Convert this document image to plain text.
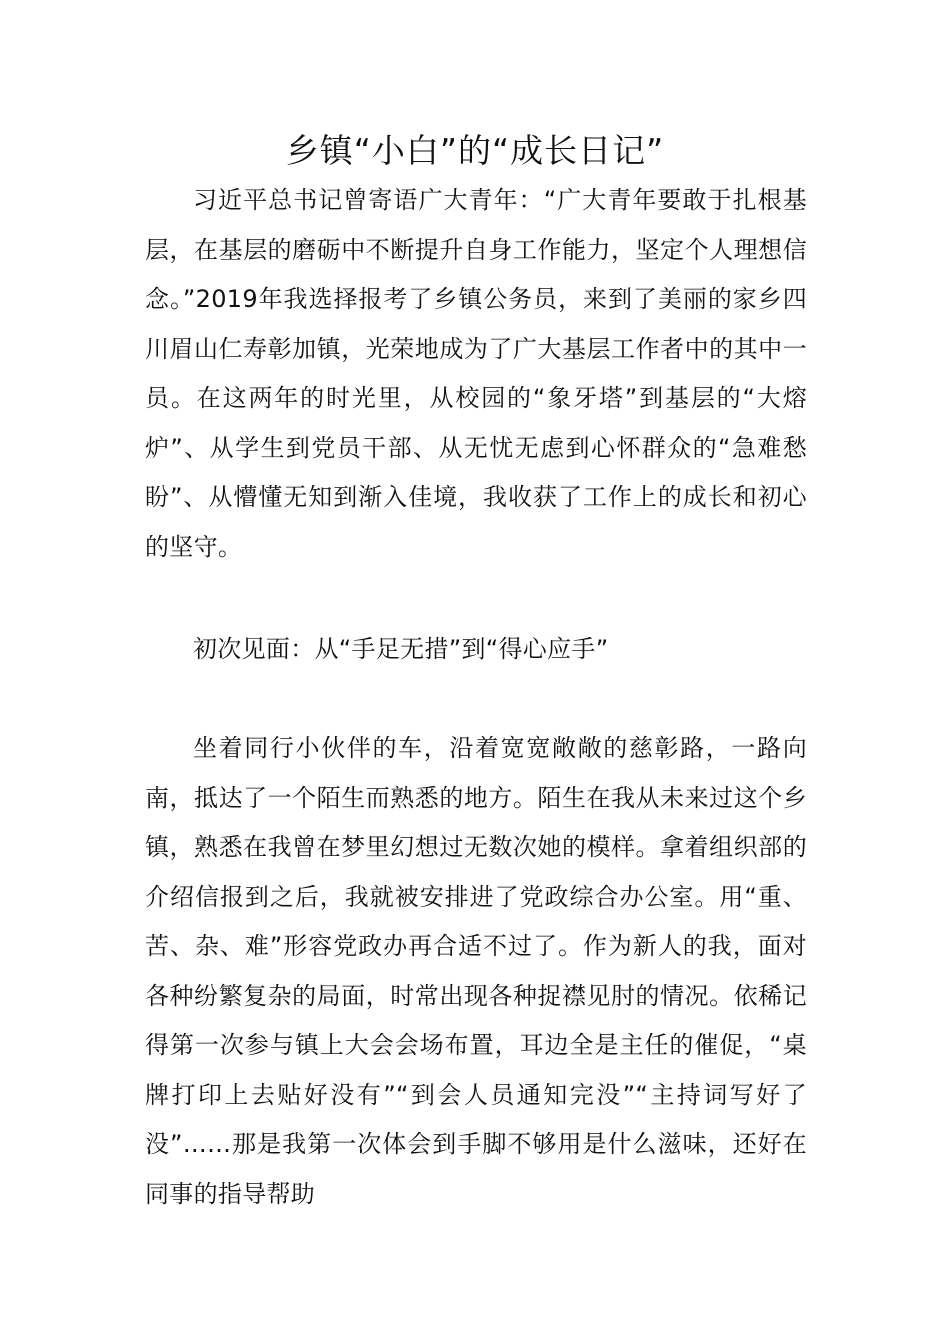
乡镇“小白”的“成长日记”

习近平总书记曾寄语广大青年：“广大青年要敢于扎根基层，在基层的磨砺中不断提升自身工作能力，坚定个人理想信念。”2019年我选择报考了乡镇公务员，来到了美丽的家乡四川眉山仁寿彰加镇，光荣地成为了广大基层工作者中的其中一员。在这两年的时光里，从校园的“象牙塔”到基层的“大熔炉”、从学生到党员干部、从无忧无虑到心怀群众的“急难愁盼”、从懵懂无知到渐入佳境，我收获了工作上的成长和初心的坚守。

初次见面：从“手足无措”到“得心应手”

坐着同行小伙伴的车，沿着宽宽敞敞的慈彰路，一路向南，抵达了一个陌生而熟悉的地方。陌生在我从未来过这个乡镇，熟悉在我曾在梦里幻想过无数次她的模样。拿着组织部的介绍信报到之后，我就被安排进了党政综合办公室。用“重、苦、杂、难”形容党政办再合适不过了。作为新人的我，面对各种纷繁复杂的局面，时常出现各种捉襟见肘的情况。依稀记得第一次参与镇上大会会场布置，耳边全是主任的催促，“桌牌打印上去贴好没有”“到会人员通知完没”“主持词写好了没”……那是我第一次体会到手脚不够用是什么滋味，还好在同事的指导帮助
